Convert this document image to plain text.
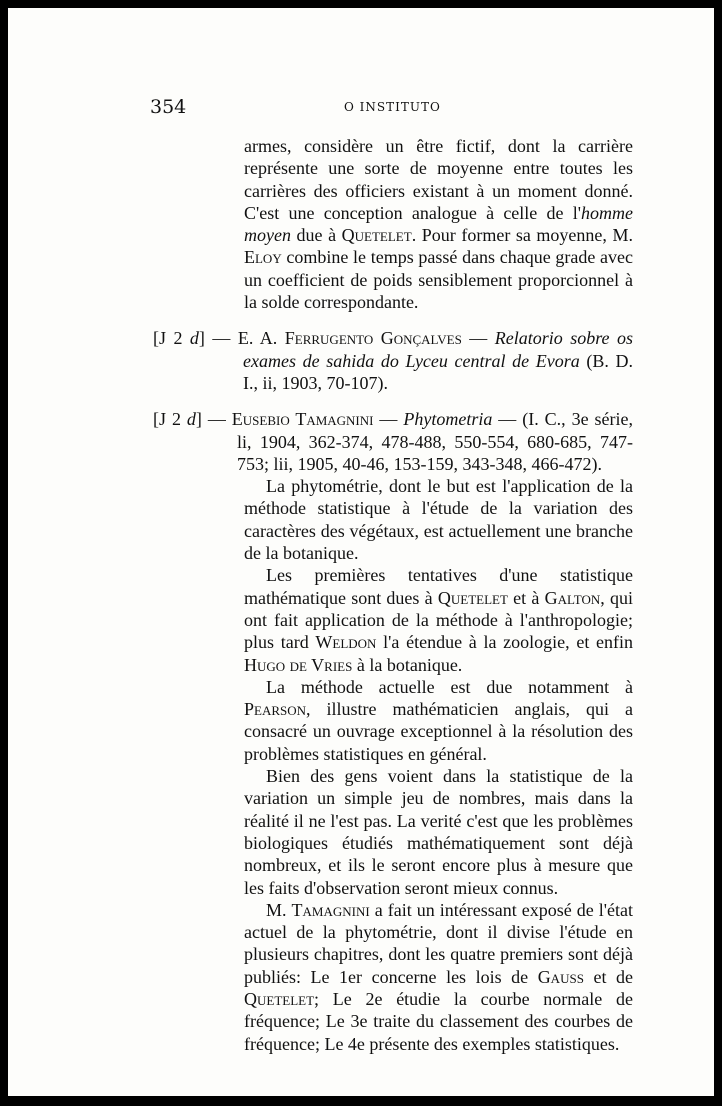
354	O INSTITUTO

armes, considère un être fictif, dont la carrière représente une sorte de moyenne entre toutes les carrières des officiers existant à un moment donné. C'est une conception analogue à celle de l'homme moyen due à Quetelet. Pour former sa moyenne, M. Eloy combine le temps passé dans chaque grade avec un coefficient de poids sensiblement proporcionnel à la solde correspondante.

[J 2 d] — E. A. Ferrugento Gonçalves — Relatorio sobre os exames de sahida do Lyceu central de Evora (B. D. I., ii, 1903, 70-107).

[J 2 d] — Eusebio Tamagnini — Phytometria — (I. C., 3e série, li, 1904, 362-374, 478-488, 550-554, 680-685, 747-753; lii, 1905, 40-46, 153-159, 343-348, 466-472).

La phytométrie, dont le but est l'application de la méthode statistique à l'étude de la variation des caractères des végétaux, est actuellement une branche de la botanique.

Les premières tentatives d'une statistique mathématique sont dues à Quetelet et à Galton, qui ont fait application de la méthode à l'anthropologie; plus tard Weldon l'a étendue à la zoologie, et enfin Hugo de Vries à la botanique.

La méthode actuelle est due notamment à Pearson, illustre mathématicien anglais, qui a consacré un ouvrage exceptionnel à la résolution des problèmes statistiques en général.

Bien des gens voient dans la statistique de la variation un simple jeu de nombres, mais dans la réalité il ne l'est pas. La verité c'est que les problèmes biologiques étudiés mathématiquement sont déjà nombreux, et ils le seront encore plus à mesure que les faits d'observation seront mieux connus.

M. Tamagnini a fait un intéressant exposé de l'état actuel de la phytométrie, dont il divise l'étude en plusieurs chapitres, dont les quatre premiers sont déjà publiés: Le 1er concerne les lois de Gauss et de Quetelet; Le 2e étudie la courbe normale de fréquence; Le 3e traite du classement des courbes de fréquence; Le 4e présente des exemples statistiques.
